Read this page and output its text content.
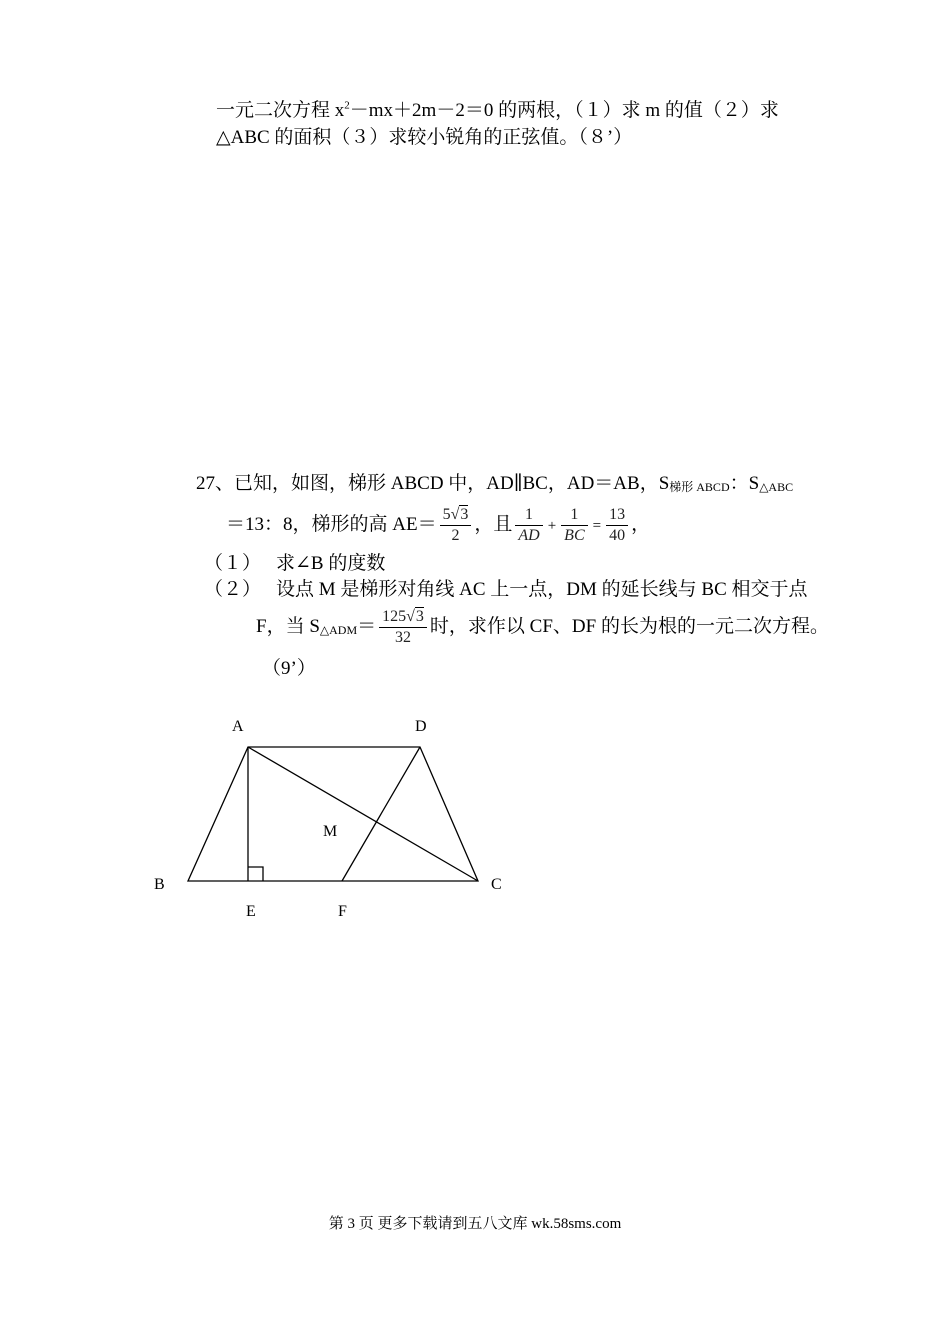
一元二次方程 $x^2-mx+2m-2=0$ 的两根，（１）求 m 的值（２）求
△ABC 的面积（３）求较小锐角的正弦值。（８’）
27、已知，如图，梯形 ABCD 中，AD∥BC，AD＝AB，S梯形 ABCD：S△ABC
＝13：8，梯形的高 $AE= \frac{5√3}{2}$ ，且 $\frac{1}{AD} + \frac{1}{BC} = \frac{13}{40}$ ，
（１） 求∠B 的度数
（２） 设点 M 是梯形对角线 AC 上一点，DM 的延长线与 BC 相交于点
F，当 S△ADM＝ $\frac{125√3}{32}$ 时，求作以 CF、DF 的长为根的一元二次方程。
（9’）
A	D
B	C
E	F
M
第 3 页 更多下载请到五八文库 wk.58sms.com
